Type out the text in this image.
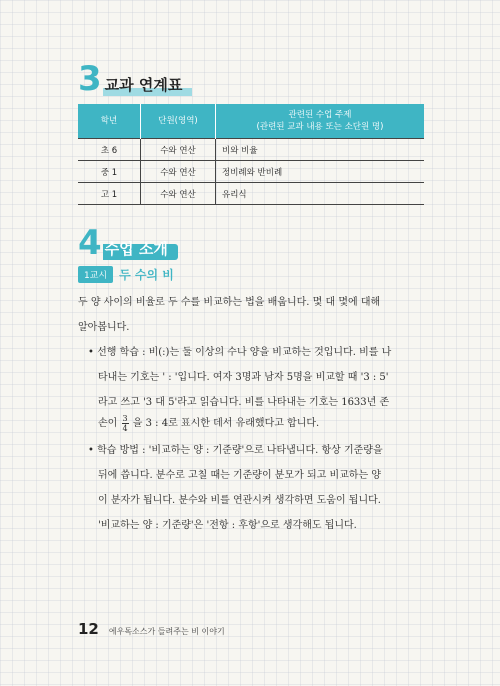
3 교과 연계표
학년	단원(영역)	관련된 수업 주제
(관련된 교과 내용 또는 소단원 명)

초 6	수와 연산	비와 비율
중 1	수와 연산	정비례와 반비례
고 1	수와 연산	유리식
4 수업 소개
1교시	두 수의 비
두 양 사이의 비율로 두 수를 비교하는 법을 배웁니다. 몇 대 몇에 대해
알아봅니다.
• 선행 학습 : 비(:)는 둘 이상의 수나 양을 비교하는 것입니다. 비를 나
타내는 기호는 ' : '입니다. 여자 3명과 남자 5명을 비교할 때 '3 : 5'
라고 쓰고 '3 대 5'라고 읽습니다. 비를 나타내는 기호는 1633년 존
손이 $\frac{3}{4}$ 을 3 : 4로 표시한 데서 유래했다고 합니다.
• 학습 방법 : '비교하는 양 : 기준량'으로 나타냅니다. 항상 기준량을
뒤에 씁니다. 분수로 고칠 때는 기준량이 분모가 되고 비교하는 양
이 분자가 됩니다. 분수와 비를 연관시켜 생각하면 도움이 됩니다.
'비교하는 양 : 기준량'은 '전항 : 후항'으로 생각해도 됩니다.
12 에우독소스가 들려주는 비 이야기
